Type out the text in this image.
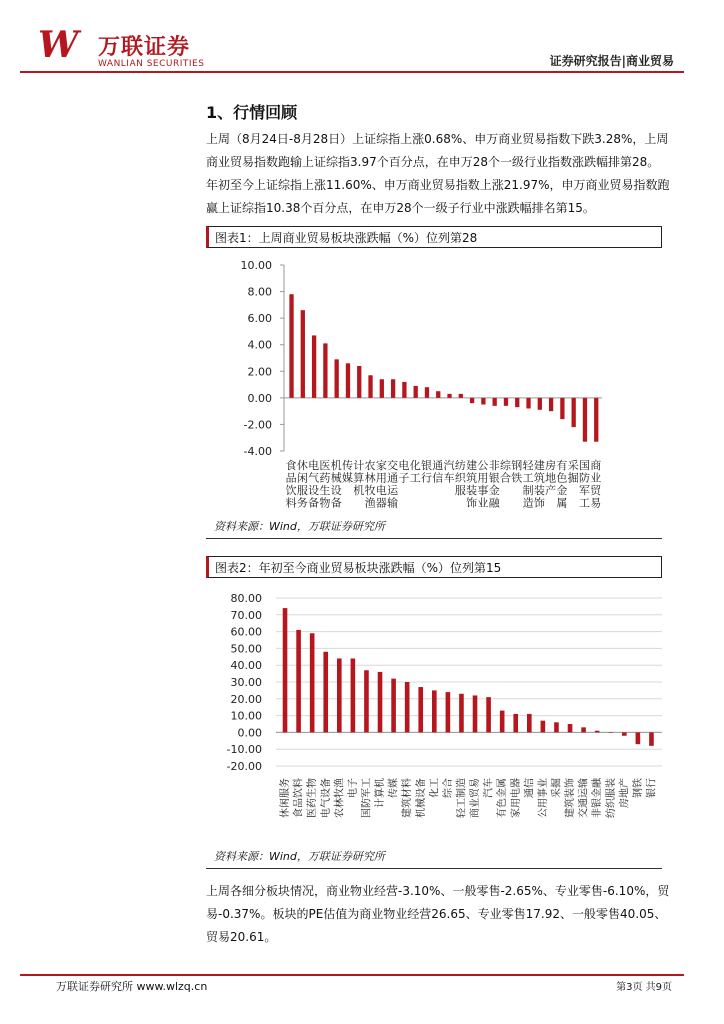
W 万联证券
WANLIAN SECURITIES	证券研究报告|商业贸易
1、行情回顾
上周（8月24日-8月28日）上证综指上涨0.68%、申万商业贸易指数下跌3.28%，上周
商业贸易指数跑输上证综指3.97个百分点，在申万28个一级行业指数涨跌幅排第28。
年初至今上证综指上涨11.60%、申万商业贸易指数上涨21.97%，申万商业贸易指数跑
赢上证综指10.38个百分点，在申万28个一级子行业中涨跌幅排名第15。
图表1：上周商业贸易板块涨跌幅（%）位列第28
10.00
8.00
6.00
4.00
2.00
0.00
-2.00
-4.00
食 休 电 医 机 传 计 农 家 交 电 化 银 通 汽 纺 建 公 非 综 钢 轻 建 房 有 采 国 商
品 闲 气 药 械 媒 算 林 用 通 子 工 行 信 车 织 筑 用 银 合 铁 工 筑 地 色 掘 防 业
饮 服 设 生 设 机 牧 电 运	服 装 事 金 制 装 产 金 军 贸
料 务 备 物 备 渔 器 输	饰 业 融 造 饰 属 工 易
资料来源：Wind，万联证券研究所
图表2：年初至今商业贸易板块涨跌幅（%）位列第15
80.00
70.00
60.00
50.00
40.00
30.00
20.00
10.00
0.00
-10.00
-20.00
休闲服务 食品饮料 医药生物 电气设备 农林牧渔 电子 国防军工 计算机 传媒 建筑材料 机械设备 化工 综合 轻工制造 商业贸易 汽车 有色金属 家用电器 通信 公用事业 采掘 建筑装饰 交通运输 非银金融 纺织服装 房地产 钢铁 银行
资料来源：Wind，万联证券研究所
上周各细分板块情况，商业物业经营-3.10%、一般零售-2.65%、专业零售-6.10%，贸
易-0.37%。板块的PE估值为商业物业经营26.65、专业零售17.92、一般零售40.05、
贸易20.61。
万联证券研究所 www.wlzq.cn	第3页 共9页
